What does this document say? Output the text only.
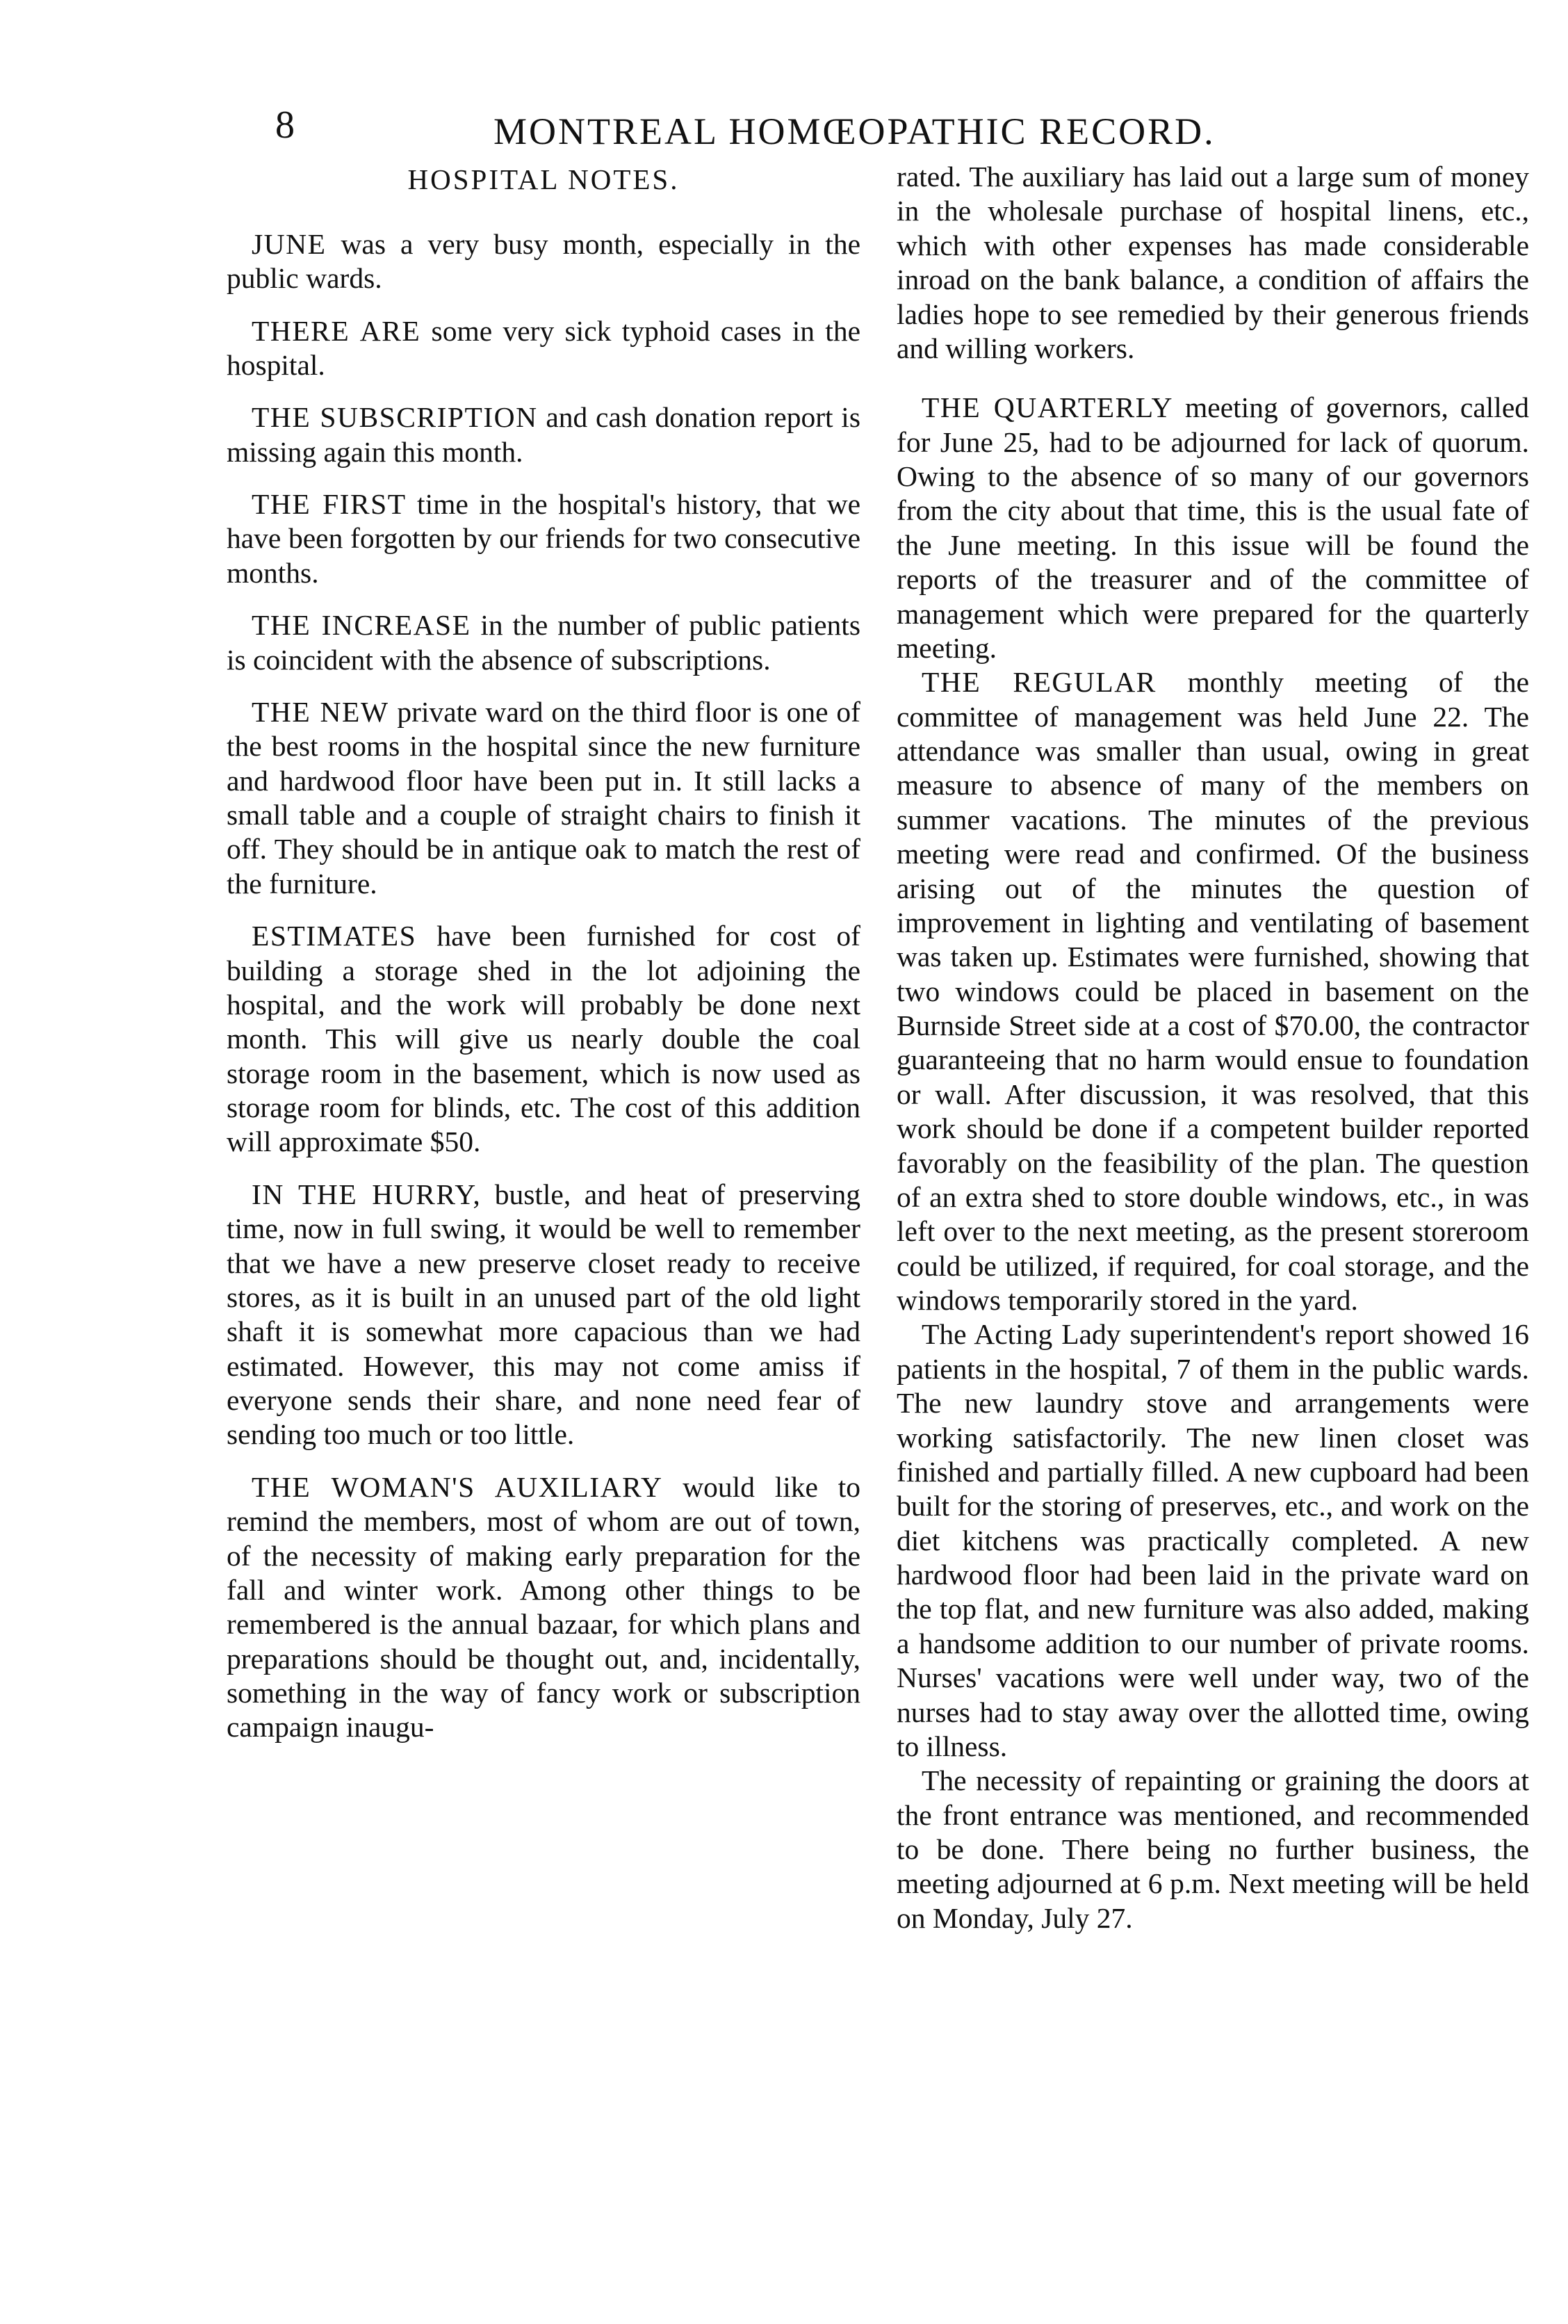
8	MONTREAL HOMŒOPATHIC RECORD.
HOSPITAL NOTES.

JUNE was a very busy month, especially in the public wards.

THERE ARE some very sick typhoid cases in the hospital.

THE SUBSCRIPTION and cash donation report is missing again this month.

THE FIRST time in the hospital's history, that we have been forgotten by our friends for two consecutive months.

THE INCREASE in the number of public patients is coincident with the absence of subscriptions.

THE NEW private ward on the third floor is one of the best rooms in the hospital since the new furniture and hardwood floor have been put in. It still lacks a small table and a couple of straight chairs to finish it off. They should be in antique oak to match the rest of the furniture.

ESTIMATES have been furnished for cost of building a storage shed in the lot adjoining the hospital, and the work will probably be done next month. This will give us nearly double the coal storage room in the basement, which is now used as storage room for blinds, etc. The cost of this addition will approximate $50.

IN THE HURRY, bustle, and heat of preserving time, now in full swing, it would be well to remember that we have a new preserve closet ready to receive stores, as it is built in an unused part of the old light shaft it is somewhat more capacious than we had estimated. However, this may not come amiss if everyone sends their share, and none need fear of sending too much or too little.

THE WOMAN'S AUXILIARY would like to remind the members, most of whom are out of town, of the necessity of making early preparation for the fall and winter work. Among other things to be remembered is the annual bazaar, for which plans and preparations should be thought out, and, incidentally, something in the way of fancy work or subscription campaign inaugu-

rated. The auxiliary has laid out a large sum of money in the wholesale purchase of hospital linens, etc., which with other expenses has made considerable inroad on the bank balance, a condition of affairs the ladies hope to see remedied by their generous friends and willing workers.

THE QUARTERLY meeting of governors, called for June 25, had to be adjourned for lack of quorum. Owing to the absence of so many of our governors from the city about that time, this is the usual fate of the June meeting. In this issue will be found the reports of the treasurer and of the committee of management which were prepared for the quarterly meeting.

THE REGULAR monthly meeting of the committee of management was held June 22. The attendance was smaller than usual, owing in great measure to absence of many of the members on summer vacations. The minutes of the previous meeting were read and confirmed. Of the business arising out of the minutes the question of improvement in lighting and ventilating of basement was taken up. Estimates were furnished, showing that two windows could be placed in basement on the Burnside Street side at a cost of $70.00, the contractor guaranteeing that no harm would ensue to foundation or wall. After discussion, it was resolved, that this work should be done if a competent builder reported favorably on the feasibility of the plan. The question of an extra shed to store double windows, etc., in was left over to the next meeting, as the present storeroom could be utilized, if required, for coal storage, and the windows temporarily stored in the yard.

The Acting Lady superintendent's report showed 16 patients in the hospital, 7 of them in the public wards. The new laundry stove and arrangements were working satisfactorily. The new linen closet was finished and partially filled. A new cupboard had been built for the storing of preserves, etc., and work on the diet kitchens was practically completed. A new hardwood floor had been laid in the private ward on the top flat, and new furniture was also added, making a handsome addition to our number of private rooms. Nurses' vacations were well under way, two of the nurses had to stay away over the allotted time, owing to illness.

The necessity of repainting or graining the doors at the front entrance was mentioned, and recommended to be done. There being no further business, the meeting adjourned at 6 p.m. Next meeting will be held on Monday, July 27.
